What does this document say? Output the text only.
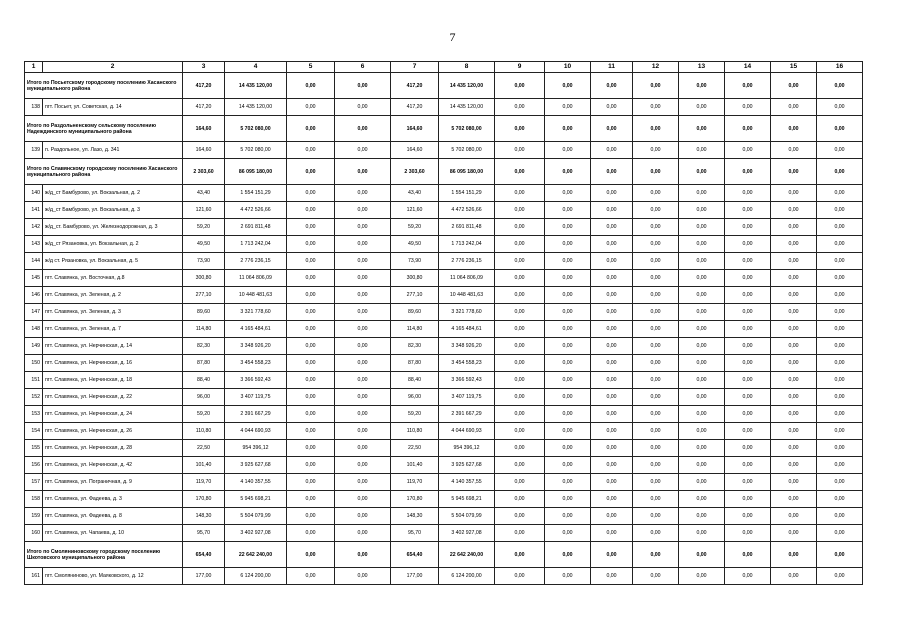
7
1	2	3	4	5	6	7	8	9	10	11	12	13	14	15	16
Итого по Посьетскому городскому поселению Хасанского муниципального района		417,20	14 435 120,00	0,00	0,00	417,20	14 435 120,00	0,00	0,00	0,00	0,00	0,00	0,00	0,00	0,00
138	пгт. Посьет, ул. Советская, д. 14	417,20	14 435 120,00	0,00	0,00	417,20	14 435 120,00	0,00	0,00	0,00	0,00	0,00	0,00	0,00	0,00
Итого по Раздольненскому сельскому поселению Надеждинского муниципального района		164,60	5 702 080,00	0,00	0,00	164,60	5 702 080,00	0,00	0,00	0,00	0,00	0,00	0,00	0,00	0,00
139	п. Раздольное, ул. Лазо, д. 341	164,60	5 702 080,00	0,00	0,00	164,60	5 702 080,00	0,00	0,00	0,00	0,00	0,00	0,00	0,00	0,00
Итого по Славянскому городскому поселению Хасанского муниципального района		2 303,60	86 095 180,00	0,00	0,00	2 303,60	86 095 180,00	0,00	0,00	0,00	0,00	0,00	0,00	0,00	0,00
140	ж/д_ст Бамбурово, ул. Вокзальная, д. 2	43,40	1 554 151,29	0,00	0,00	43,40	1 554 151,29	0,00	0,00	0,00	0,00	0,00	0,00	0,00	0,00
141	ж/д_ст Бамбурово, ул. Вокзальная, д. 3	121,60	4 472 526,66	0,00	0,00	121,60	4 472 526,66	0,00	0,00	0,00	0,00	0,00	0,00	0,00	0,00
142	ж/д_ст. Бамбурово, ул. Железнодорожная, д. 3	59,20	2 691 811,48	0,00	0,00	59,20	2 691 811,48	0,00	0,00	0,00	0,00	0,00	0,00	0,00	0,00
143	ж/д_ст Рязановка, ул. Вокзальная, д. 2	49,50	1 713 242,04	0,00	0,00	49,50	1 713 242,04	0,00	0,00	0,00	0,00	0,00	0,00	0,00	0,00
144	ж/д ст. Рязановка, ул. Вокзальная, д. 5	73,90	2 776 236,15	0,00	0,00	73,90	2 776 236,15	0,00	0,00	0,00	0,00	0,00	0,00	0,00	0,00
145	пгт. Славянка, ул. Восточная, д.8	300,80	11 064 806,09	0,00	0,00	300,80	11 064 806,09	0,00	0,00	0,00	0,00	0,00	0,00	0,00	0,00
146	пгт. Славянка, ул. Зеленая, д. 2	277,10	10 448 481,63	0,00	0,00	277,10	10 448 481,63	0,00	0,00	0,00	0,00	0,00	0,00	0,00	0,00
147	пгт. Славянка, ул. Зеленая, д. 3	89,60	3 321 778,60	0,00	0,00	89,60	3 321 778,60	0,00	0,00	0,00	0,00	0,00	0,00	0,00	0,00
148	пгт. Славянка, ул. Зеленая, д. 7	114,80	4 165 484,61	0,00	0,00	114,80	4 165 484,61	0,00	0,00	0,00	0,00	0,00	0,00	0,00	0,00
149	пгт. Славянка, ул. Нерчинская, д. 14	82,30	3 348 926,20	0,00	0,00	82,30	3 348 926,20	0,00	0,00	0,00	0,00	0,00	0,00	0,00	0,00
150	пгт. Славянка, ул. Нерчинская, д. 16	87,80	3 454 558,23	0,00	0,00	87,80	3 454 558,23	0,00	0,00	0,00	0,00	0,00	0,00	0,00	0,00
151	пгт. Славянка, ул. Нерчинская, д. 18	88,40	3 366 592,43	0,00	0,00	88,40	3 366 592,43	0,00	0,00	0,00	0,00	0,00	0,00	0,00	0,00
152	пгт. Славянка, ул. Нерчинская, д. 22	96,00	3 407 119,75	0,00	0,00	96,00	3 407 119,75	0,00	0,00	0,00	0,00	0,00	0,00	0,00	0,00
153	пгт. Славянка, ул. Нерчинская, д. 24	59,20	2 391 667,29	0,00	0,00	59,20	2 391 667,29	0,00	0,00	0,00	0,00	0,00	0,00	0,00	0,00
154	пгт. Славянка, ул. Нерчинская, д. 26	110,80	4 044 690,93	0,00	0,00	110,80	4 044 690,93	0,00	0,00	0,00	0,00	0,00	0,00	0,00	0,00
155	пгт. Славянка, ул. Нерчинская, д. 28	22,50	954 396,12	0,00	0,00	22,50	954 396,12	0,00	0,00	0,00	0,00	0,00	0,00	0,00	0,00
156	пгт. Славянка, ул. Нерчинская, д. 42	101,40	3 925 627,68	0,00	0,00	101,40	3 925 627,68	0,00	0,00	0,00	0,00	0,00	0,00	0,00	0,00
157	пгт. Славянка, ул. Пограничная, д. 9	119,70	4 140 357,55	0,00	0,00	119,70	4 140 357,55	0,00	0,00	0,00	0,00	0,00	0,00	0,00	0,00
158	пгт. Славянка, ул. Фадеева, д. 3	170,80	5 945 698,21	0,00	0,00	170,80	5 945 698,21	0,00	0,00	0,00	0,00	0,00	0,00	0,00	0,00
159	пгт. Славянка, ул. Фадеева, д. 8	148,30	5 504 079,99	0,00	0,00	148,30	5 504 079,99	0,00	0,00	0,00	0,00	0,00	0,00	0,00	0,00
160	пгт. Славянка, ул. Чапаева, д. 10	95,70	3 402 927,08	0,00	0,00	95,70	3 402 927,08	0,00	0,00	0,00	0,00	0,00	0,00	0,00	0,00
Итого по Смоляниновскому городскому поселению Шкотовского муниципального района		654,40	22 642 240,00	0,00	0,00	654,40	22 642 240,00	0,00	0,00	0,00	0,00	0,00	0,00	0,00	0,00
161	пгт. Смоляниново, ул. Маяковского, д. 12	177,00	6 124 200,00	0,00	0,00	177,00	6 124 200,00	0,00	0,00	0,00	0,00	0,00	0,00	0,00	0,00
